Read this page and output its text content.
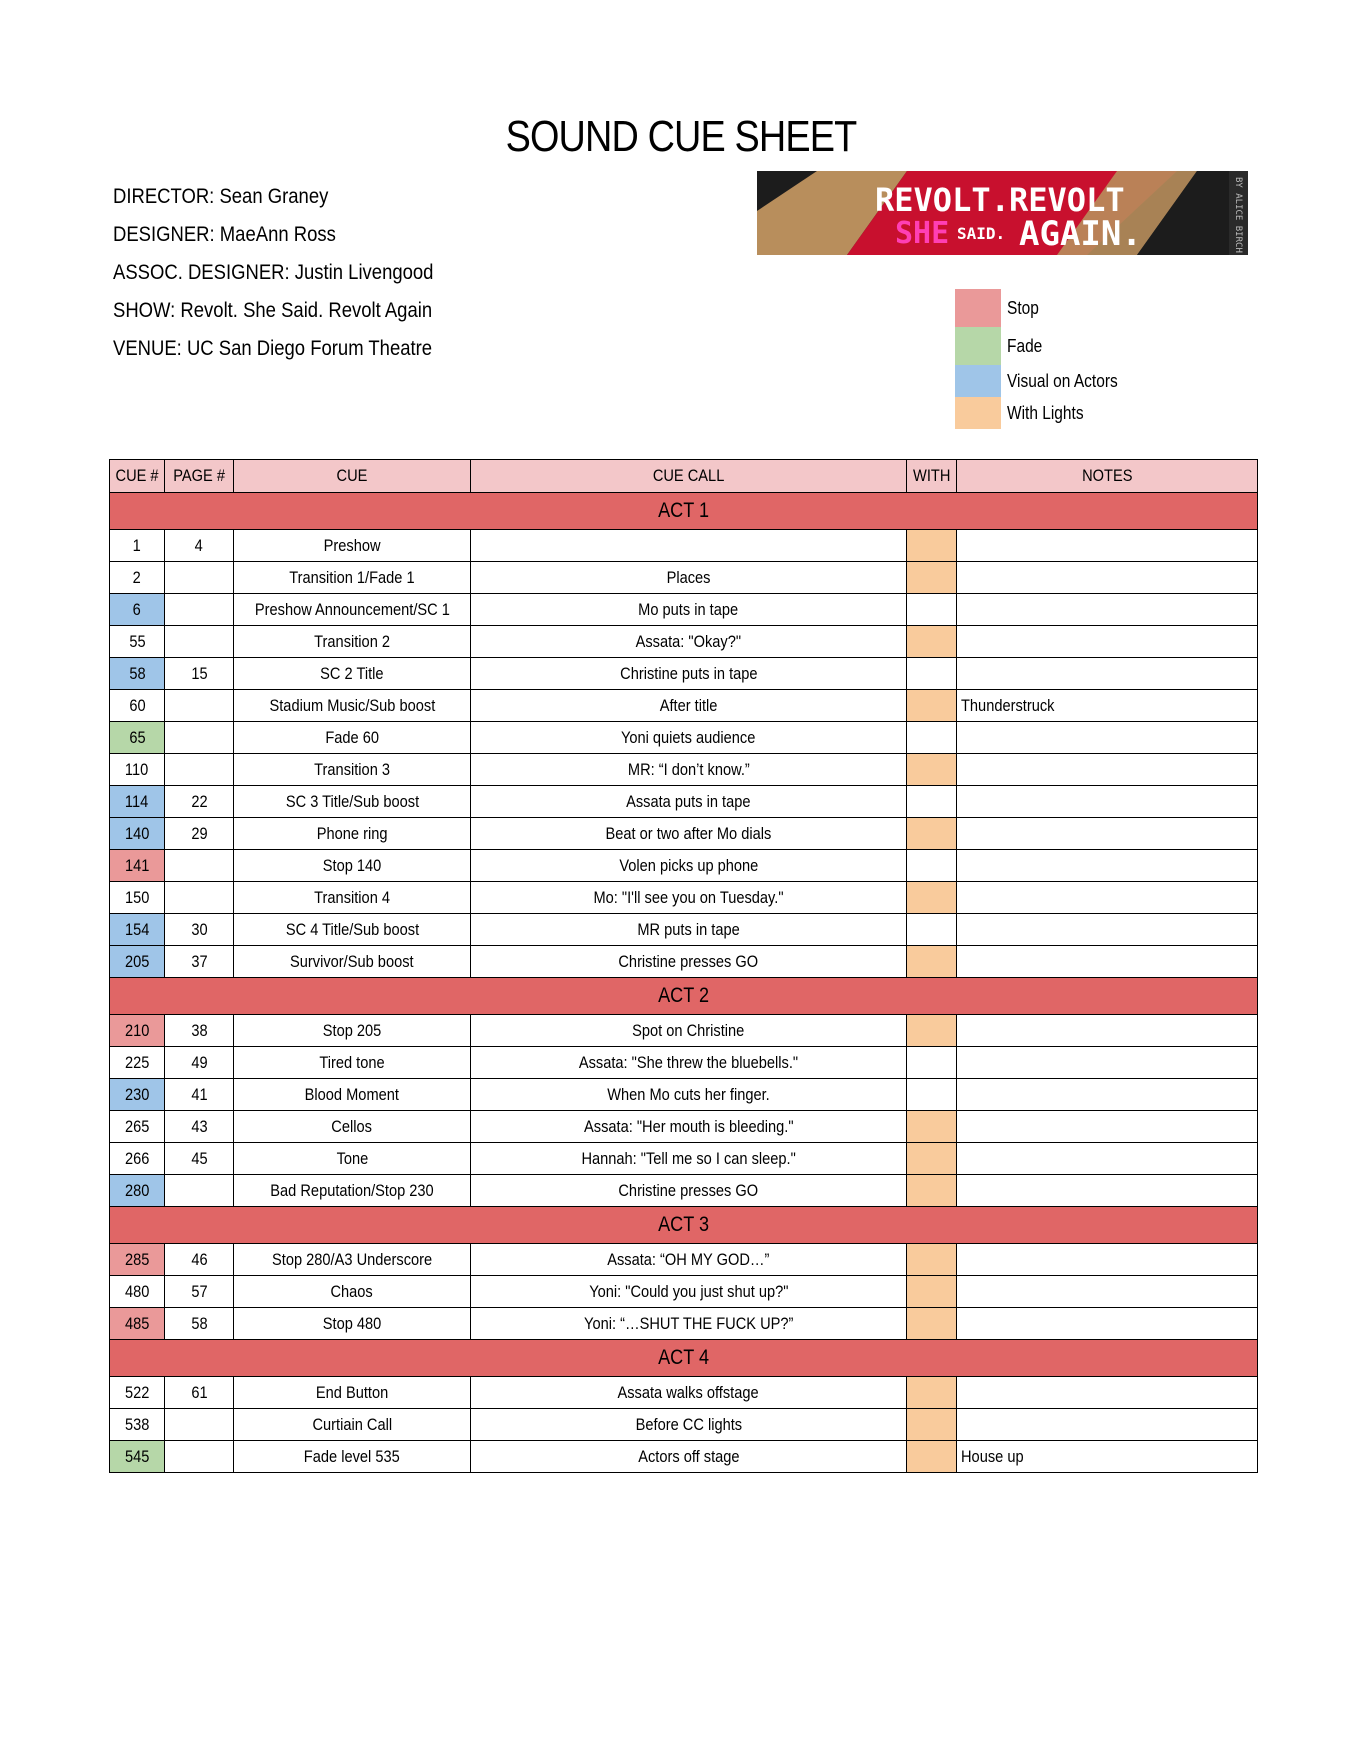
SOUND CUE SHEET
DIRECTOR: Sean Graney
DESIGNER: MaeAnn Ross
ASSOC. DESIGNER: Justin Livengood
SHOW: Revolt. She Said. Revolt Again
VENUE: UC San Diego Forum Theatre
REVOLT.
SHE SAID.
REVOLT
AGAIN.	BY ALICE BIRCH
Stop
Fade
Visual on Actors
With Lights
CUE #	PAGE #	CUE	CUE CALL	WITH	NOTES
ACT 1					
1	4	Preshow			
2		Transition 1/Fade 1	Places		
6		Preshow Announcement/SC 1	Mo puts in tape		
55		Transition 2	Assata: "Okay?"		
58	15	SC 2 Title	Christine puts in tape		
60		Stadium Music/Sub boost	After title		Thunderstruck
65		Fade 60	Yoni quiets audience		
110		Transition 3	MR: “I don’t know.”		
114	22	SC 3 Title/Sub boost	Assata puts in tape		
140	29	Phone ring	Beat or two after Mo dials		
141		Stop 140	Volen picks up phone		
150		Transition 4	Mo: "I'll see you on Tuesday."		
154	30	SC 4 Title/Sub boost	MR puts in tape		
205	37	Survivor/Sub boost	Christine presses GO		
ACT 2					
210	38	Stop 205	Spot on Christine		
225	49	Tired tone	Assata: "She threw the bluebells."		
230	41	Blood Moment	When Mo cuts her finger.		
265	43	Cellos	Assata: "Her mouth is bleeding."		
266	45	Tone	Hannah: "Tell me so I can sleep."		
280		Bad Reputation/Stop 230	Christine presses GO		
ACT 3					
285	46	Stop 280/A3 Underscore	Assata: “OH MY GOD…”		
480	57	Chaos	Yoni: "Could you just shut up?"		
485	58	Stop 480	Yoni: “…SHUT THE FUCK UP?”		
ACT 4					
522	61	End Button	Assata walks offstage		
538		Curtiain Call	Before CC lights		
545		Fade level 535	Actors off stage		House up
